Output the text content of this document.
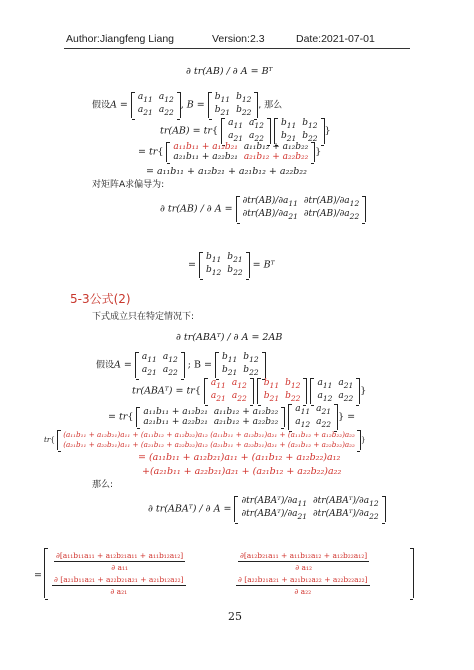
Author:Jiangfeng Liang	Version:2.3	Date:2021-07-01
∂ tr(AB) / ∂ A = Bᵀ
假设A =
$a_{11}$	$a_{12}$
$a_{21}$	$a_{22}$
, B =
$b_{11}$	$b_{12}$
$b_{21}$	$b_{22}$
, 那么
tr(AB) = tr{
$a_{11}$	$a_{12}$
$a_{21}$	$a_{22}$

$b_{11}$	$b_{12}$
$b_{21}$	$b_{22}$
}
= tr{ a₁₁b₁₁ + a₁₂b₂₁	a₁₁b₁₂ + a₁₂b₂₂
a₂₁b₁₁ + a₂₂b₂₁	a₂₁b₁₂ + a₂₂b₂₂ }
= a₁₁b₁₁ + a₁₂b₂₁ + a₂₁b₁₂ + a₂₂b₂₂
对矩阵A求偏导为:
∂ tr(AB) / ∂ A =
$\partial tr(AB)/\partial a_{11}$	$\partial tr(AB)/\partial a_{12}$
$\partial tr(AB)/\partial a_{21}$	$\partial tr(AB)/\partial a_{22}$
=
$b_{11}$	$b_{21}$
$b_{12}$	$b_{22}$
= Bᵀ
5-3公式(2)
下式成立只在特定情况下:
∂ tr(ABAᵀ) / ∂ A = 2AB
假设A =
$a_{11}$	$a_{12}$
$a_{21}$	$a_{22}$
; B =
$b_{11}$	$b_{12}$
$b_{21}$	$b_{22}$
tr(ABAᵀ) = tr{
$a_{11}$	$a_{12}$
$a_{21}$	$a_{22}$

$b_{11}$	$b_{12}$
$b_{21}$	$b_{22}$

$a_{11}$	$a_{21}$
$a_{12}$	$a_{22}$
}
= tr{ a₁₁b₁₁ + a₁₂b₂₁	a₁₁b₁₂ + a₁₂b₂₂
a₂₁b₁₁ + a₂₂b₂₁	a₂₁b₁₂ + a₂₂b₂₂

$a_{11}$	$a_{21}$
$a_{12}$	$a_{22}$
} =
tr{
(a₁₁b₁₁ + a₁₂b₂₁)a₁₁ + (a₁₁b₁₂ + a₁₂b₂₂)a₁₂ (a₁₁b₁₁ + a₁₂b₂₁)a₂₁ + (a₁₁b₁₂ + a₁₂b₂₂)a₂₂
(a₂₁b₁₁ + a₂₂b₂₁)a₁₁ + (a₂₁b₁₂ + a₂₂b₂₂)a₁₂ (a₂₁b₁₁ + a₂₂b₂₁)a₂₁ + (a₂₁b₁₂ + a₂₂b₂₂)a₂₂
}
= (a₁₁b₁₁ + a₁₂b₂₁)a₁₁ + (a₁₁b₁₂ + a₁₂b₂₂)a₁₂
+(a₂₁b₁₁ + a₂₂b₂₁)a₂₁ + (a₂₁b₁₂ + a₂₂b₂₂)a₂₂
那么:
∂ tr(ABAᵀ) / ∂ A =
$\partial tr(ABAᵀ)/\partial a_{11}$	$\partial tr(ABAᵀ)/\partial a_{12}$
$\partial tr(ABAᵀ)/\partial a_{21}$	$\partial tr(ABAᵀ)/\partial a_{22}$
=
$\frac{\text{∂[a₁₁b₁₁a₁₁ + a₁₂b₂₁a₁₁ + a₁₁b₁₂a₁₂]}}{\text{∂ a₁₁}}$	$\frac{\text{∂[a₁₂b₂₁a₁₁ + a₁₁b₁₂a₁₂ + a₁₂b₂₂a₁₂]}}{\text{∂ a₁₂}}$
$\frac{\text{∂ [a₂₁b₁₁a₂₁ + a₂₂b₂₁a₂₁ + a₂₁b₁₂a₂₂]}}{\text{∂ a₂₁}}$	$\frac{\text{∂ [a₂₂b₂₁a₂₁ + a₂₁b₁₂a₂₂ + a₂₂b₂₂a₂₂]}}{\text{∂ a₂₂}}$
25
